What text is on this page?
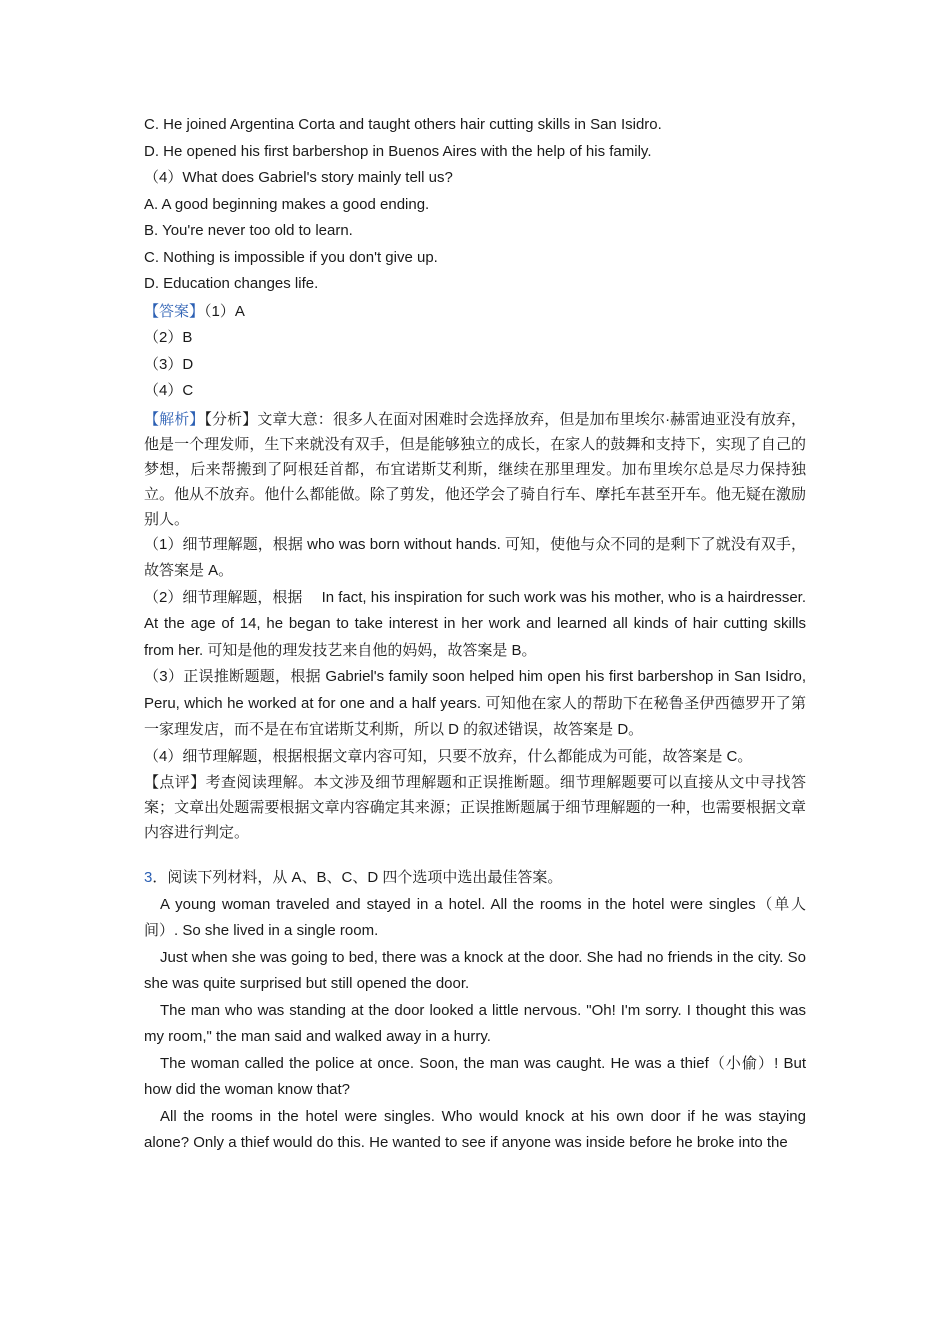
C. He joined Argentina Corta and taught others hair cutting skills in San Isidro.
D. He opened his first barbershop in Buenos Aires with the help of his family.
（4）What does Gabriel's story mainly tell us?
A. A good beginning makes a good ending.
B. You're never too old to learn.
C. Nothing is impossible if you don't give up.
D. Education changes life.
【答案】（1）A
（2）B
（3）D
（4）C
【解析】【分析】文章大意：很多人在面对困难时会选择放弃，但是加布里埃尔·赫雷迪亚没有放弃，他是一个理发师，生下来就没有双手，但是能够独立的成长，在家人的鼓舞和支持下，实现了自己的梦想，后来帮搬到了阿根廷首都，布宜诺斯艾利斯，继续在那里理发。加布里埃尔总是尽力保持独立。他从不放弃。他什么都能做。除了剪发，他还学会了骑自行车、摩托车甚至开车。他无疑在激励别人。
（1）细节理解题，根据 who was born without hands. 可知，使他与众不同的是剩下了就没有双手，故答案是 A。
（2）细节理解题，根据　 In fact, his inspiration for such work was his mother, who is a hairdresser. At the age of 14, he began to take interest in her work and learned all kinds of hair cutting skills from her. 可知是他的理发技艺来自他的妈妈，故答案是 B。
（3）正误推断题题，根据 Gabriel's family soon helped him open his first barbershop in San Isidro, Peru, which he worked at for one and a half years. 可知他在家人的帮助下在秘鲁圣伊西德罗开了第一家理发店，而不是在布宜诺斯艾利斯，所以 D 的叙述错误，故答案是 D。
（4）细节理解题，根据根据文章内容可知，只要不放弃，什么都能成为可能，故答案是 C。
【点评】考查阅读理解。本文涉及细节理解题和正误推断题。细节理解题要可以直接从文中寻找答案；文章出处题需要根据文章内容确定其来源；正误推断题属于细节理解题的一种，也需要根据文章内容进行判定。
3．阅读下列材料，从 A、B、C、D 四个选项中选出最佳答案。
A young woman traveled and stayed in a hotel. All the rooms in the hotel were singles（单人间）. So she lived in a single room.
Just when she was going to bed, there was a knock at the door. She had no friends in the city. So she was quite surprised but still opened the door.
The man who was standing at the door looked a little nervous. "Oh! I'm sorry. I thought this was my room," the man said and walked away in a hurry.
The woman called the police at once. Soon, the man was caught. He was a thief（小偷）! But how did the woman know that?
All the rooms in the hotel were singles. Who would knock at his own door if he was staying alone? Only a thief would do this. He wanted to see if anyone was inside before he broke into the
